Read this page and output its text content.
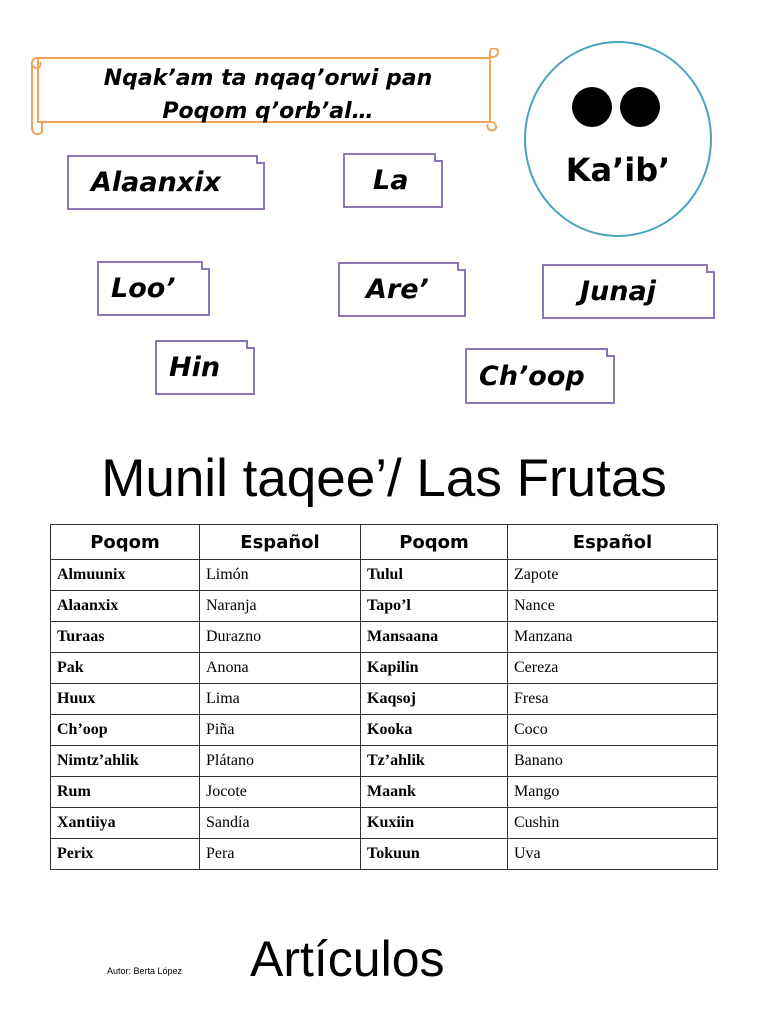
Nqak’am ta nqaq’orwi pan
Poqom q’orb’al…
Ka’ib’
Alaanxix	La
Loo’	Are’	Junaj
Hin	Ch’oop
Munil taqee’/ Las Frutas
Poqom	Español	Poqom	Español
Almuunix	Limón	Tulul	Zapote
Alaanxix	Naranja	Tapo’l	Nance
Turaas	Durazno	Mansaana	Manzana
Pak	Anona	Kapilin	Cereza
Huux	Lima	Kaqsoj	Fresa
Ch’oop	Piña	Kooka	Coco
Nimtz’ahlik	Plátano	Tz’ahlik	Banano
Rum	Jocote	Maank	Mango
Xantiiya	Sandía	Kuxiin	Cushin
Perix	Pera	Tokuun	Uva
Autor: Berta López Artículos
